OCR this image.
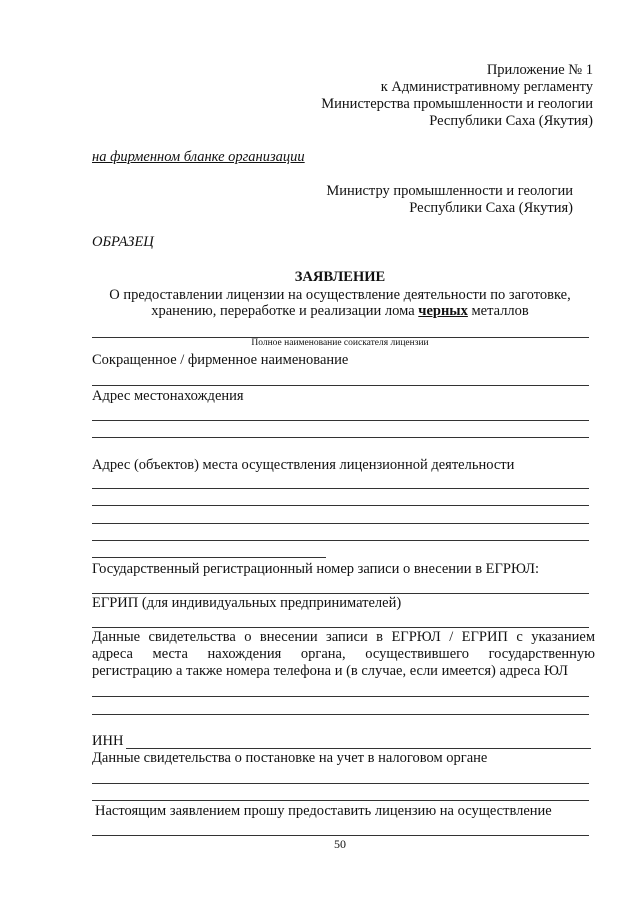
Приложение № 1
к Административному регламенту
Министерства промышленности и геологии
Республики Саха (Якутия)
на фирменном бланке организации
Министру промышленности и геологии
Республики Саха (Якутия)
ОБРАЗЕЦ
ЗАЯВЛЕНИЕ
О предоставлении лицензии на осуществление деятельности по заготовке,
хранению, переработке и реализации лома черных металлов
Полное наименование соискателя лицензии
Сокращенное / фирменное наименование
Адрес местонахождения
Адрес (объектов) места осуществления лицензионной деятельности
Государственный регистрационный номер записи о внесении в ЕГРЮЛ:
ЕГРИП (для индивидуальных предпринимателей)
Данные свидетельства о внесении записи в ЕГРЮЛ / ЕГРИП с указанием
адреса места нахождения органа, осуществившего государственную
регистрацию а также номера телефона и (в случае, если имеется) адреса ЮЛ
ИНН
Данные свидетельства о постановке на учет в налоговом органе
Настоящим заявлением прошу предоставить лицензию на осуществление
50
